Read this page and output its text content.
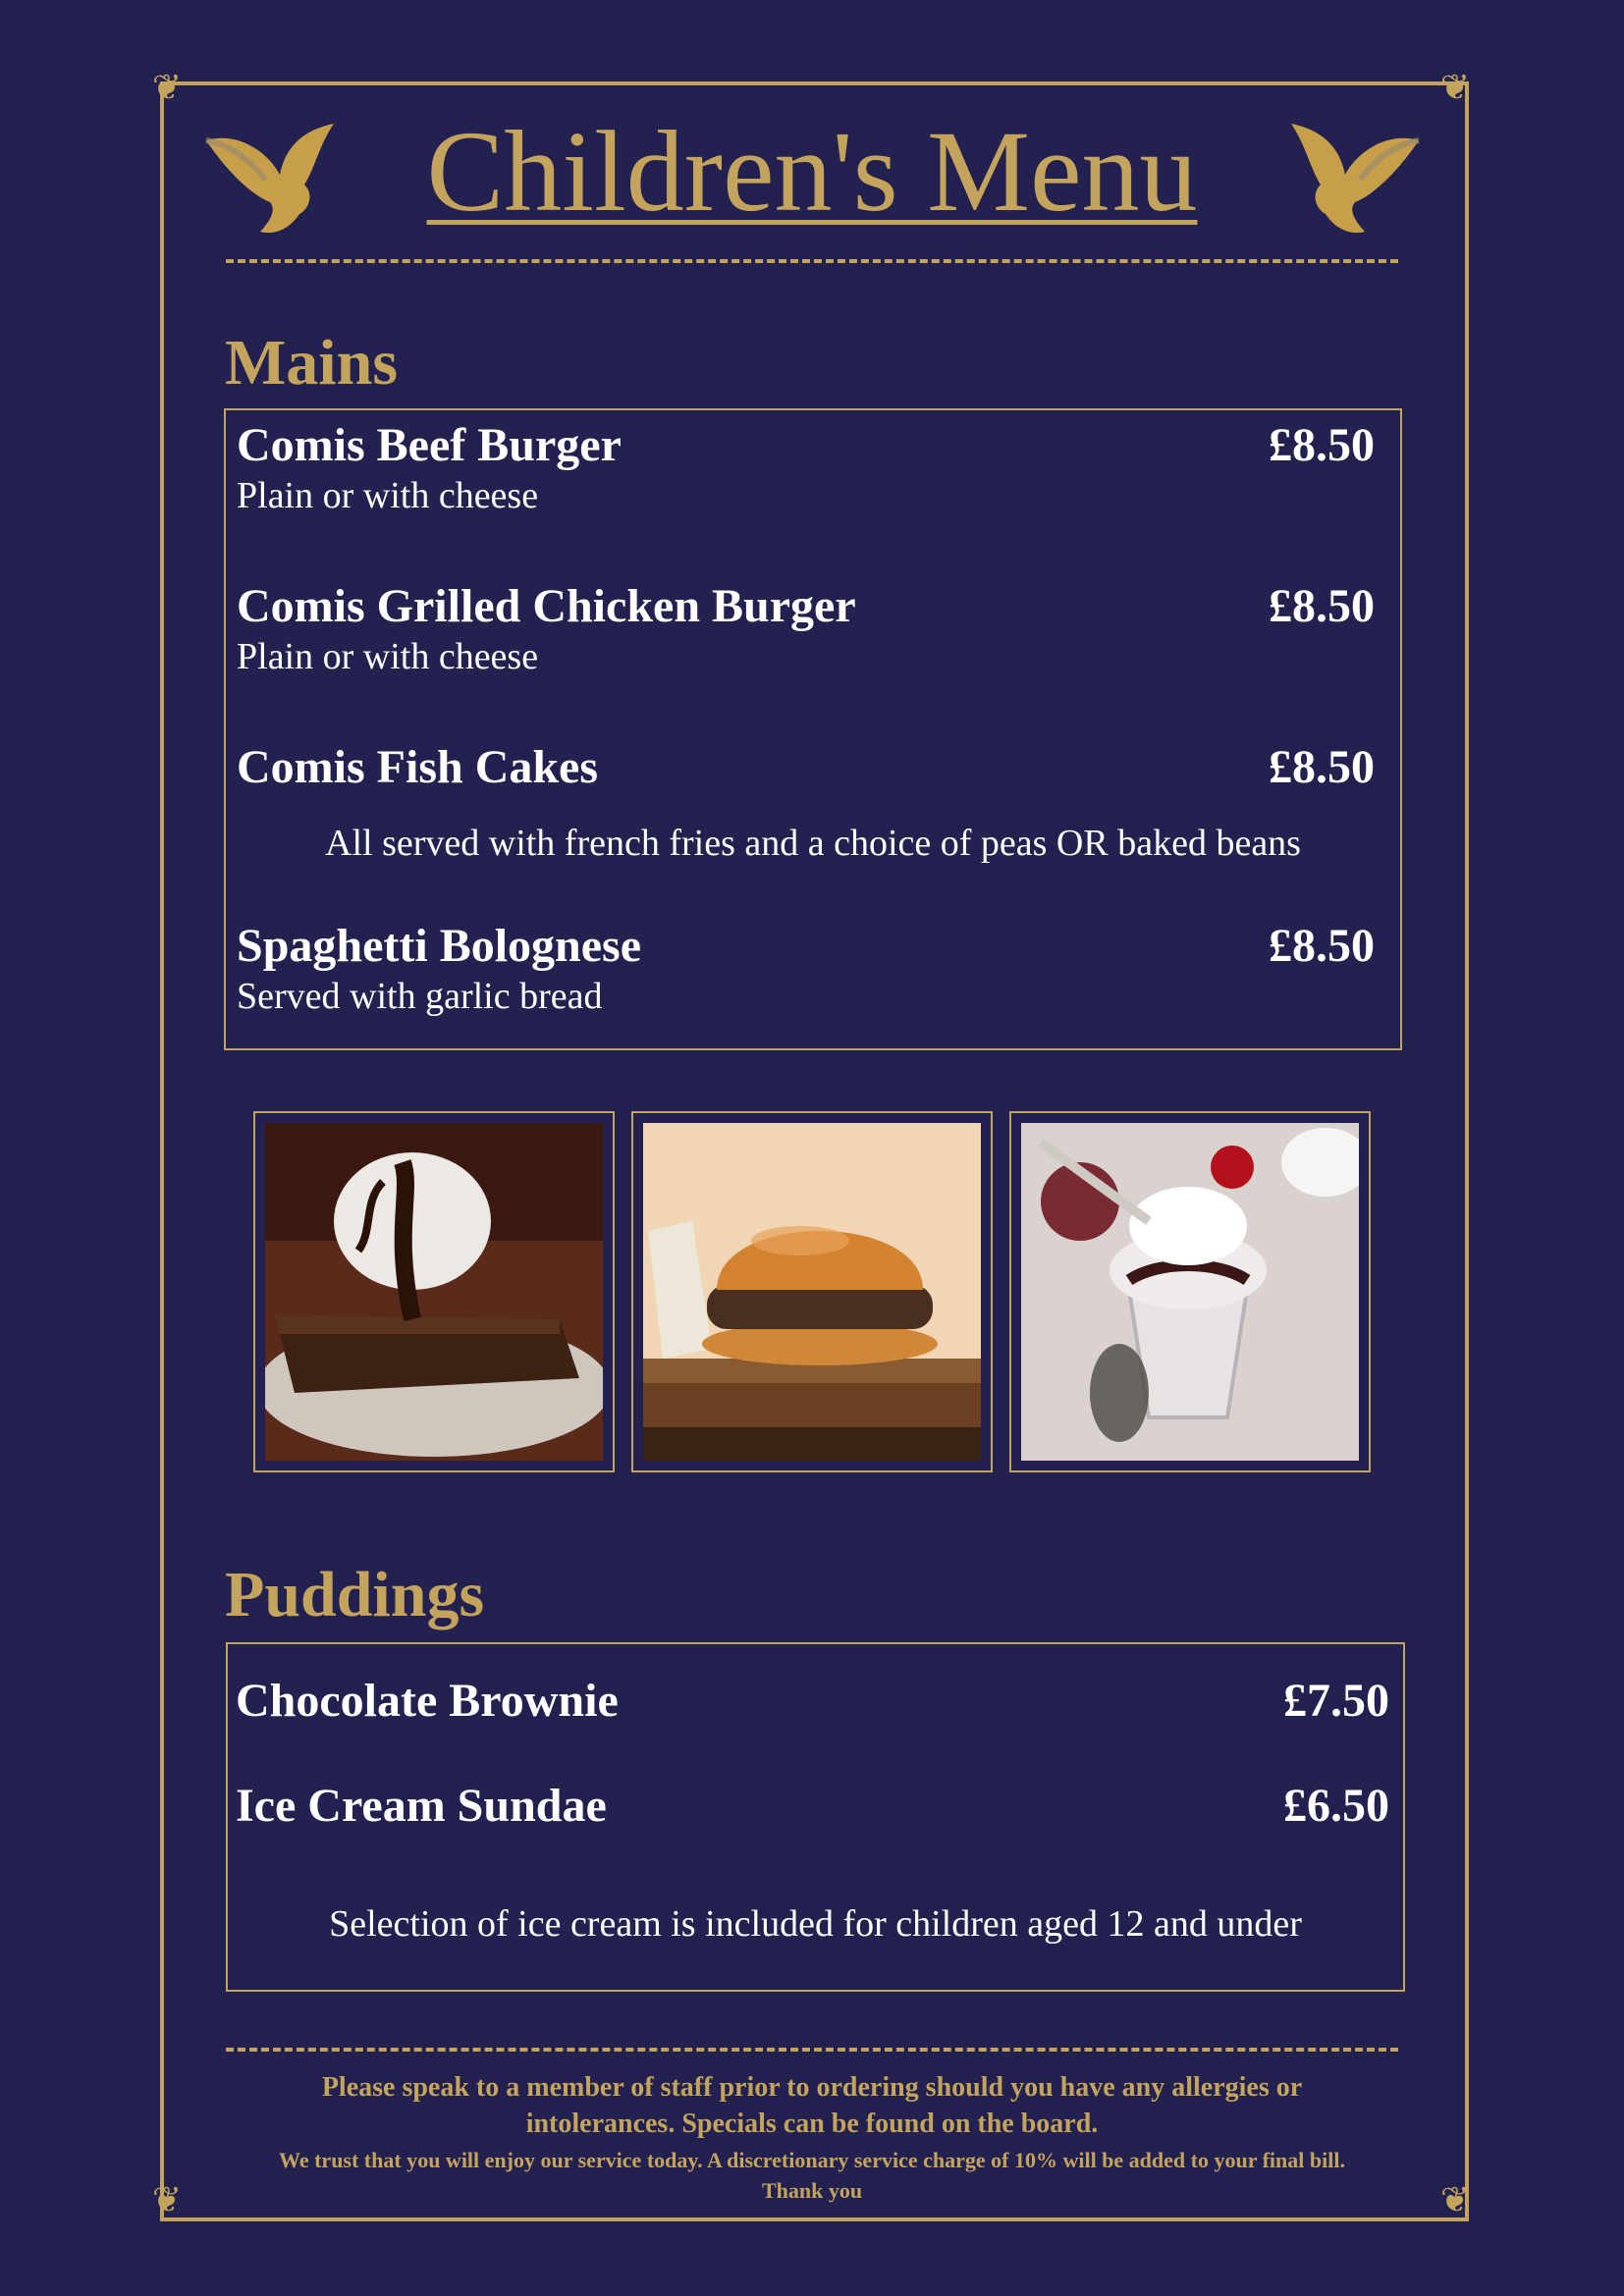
❦	❦
❦	❦
Children's Menu
Mains
Comis Beef Burger	£8.50
Plain or with cheese
Comis Grilled Chicken Burger	£8.50
Plain or with cheese
Comis Fish Cakes	£8.50
All served with french fries and a choice of peas OR baked beans
Spaghetti Bolognese	£8.50
Served with garlic bread
Puddings
Chocolate Brownie	£7.50
Ice Cream Sundae	£6.50
Selection of ice cream is included for children aged 12 and under
Please speak to a member of staff prior to ordering should you have any allergies or
intolerances. Specials can be found on the board.
We trust that you will enjoy our service today. A discretionary service charge of 10% will be added to your final bill.
Thank you
